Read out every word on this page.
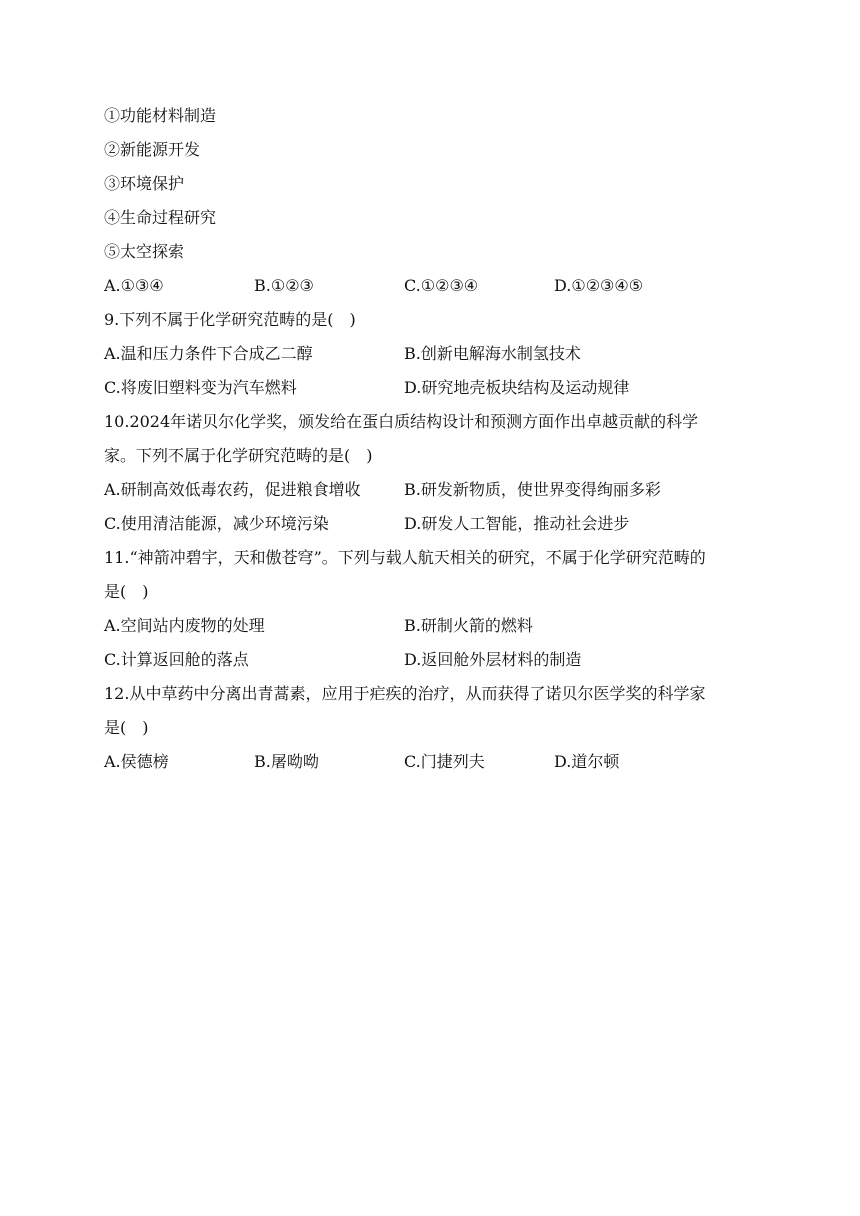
①功能材料制造
②新能源开发
③环境保护
④生命过程研究
⑤太空探索
A.①③④	B.①②③	C.①②③④	D.①②③④⑤
9.下列不属于化学研究范畴的是(　)
A.温和压力条件下合成乙二醇	B.创新电解海水制氢技术
C.将废旧塑料变为汽车燃料	D.研究地壳板块结构及运动规律
10.2024年诺贝尔化学奖，颁发给在蛋白质结构设计和预测方面作出卓越贡献的科学
家。下列不属于化学研究范畴的是(　)
A.研制高效低毒农药，促进粮食增收	B.研发新物质，使世界变得绚丽多彩
C.使用清洁能源，减少环境污染	D.研发人工智能，推动社会进步
11.“神箭冲碧宇，天和傲苍穹”。下列与载人航天相关的研究，不属于化学研究范畴的
是(　)
A.空间站内废物的处理	B.研制火箭的燃料
C.计算返回舱的落点	D.返回舱外层材料的制造
12.从中草药中分离出青蒿素，应用于疟疾的治疗，从而获得了诺贝尔医学奖的科学家
是(　)
A.侯德榜	B.屠呦呦	C.门捷列夫	D.道尔顿
